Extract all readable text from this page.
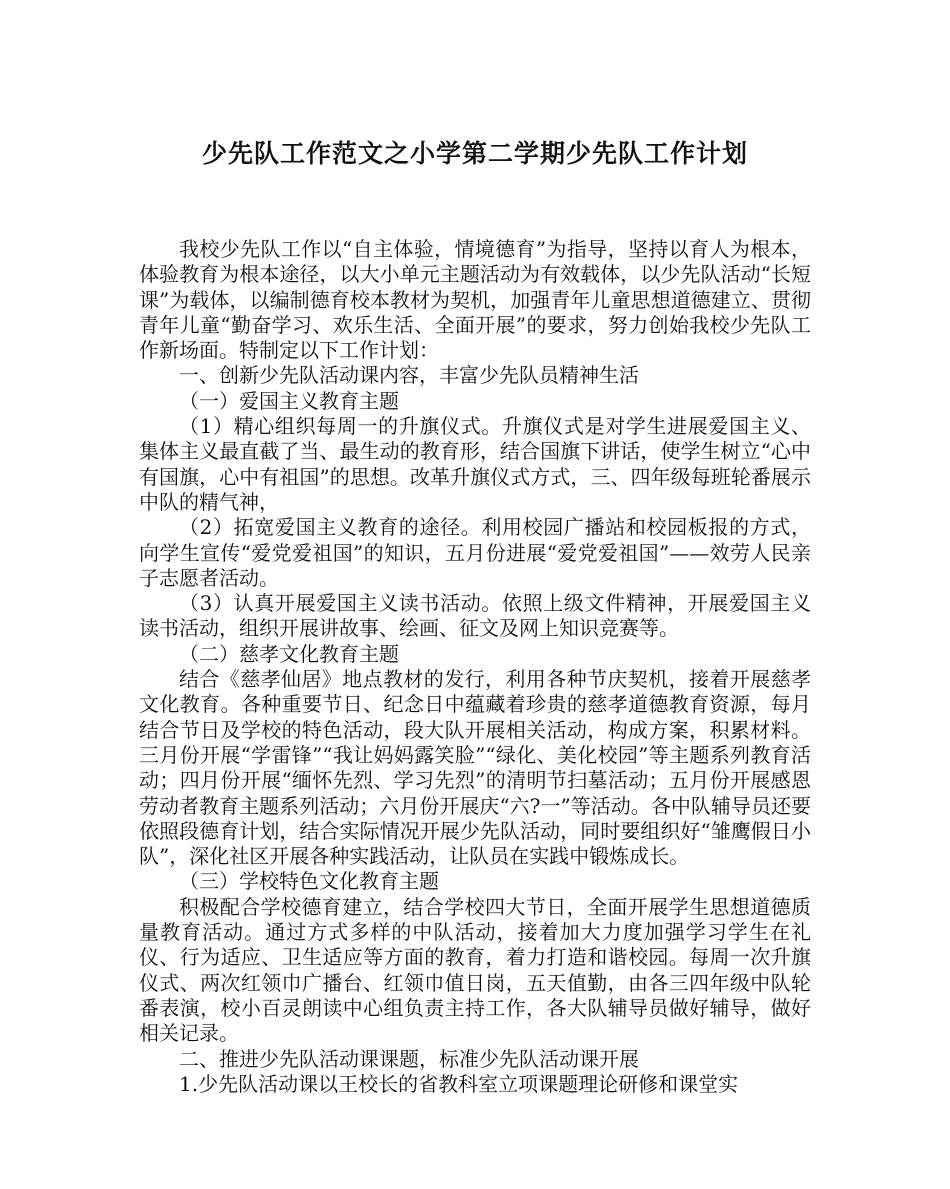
少先队工作范文之小学第二学期少先队工作计划

我校少先队工作以“自主体验，情境德育”为指导，坚持以育人为根本，体验教育为根本途径，以大小单元主题活动为有效载体，以少先队活动“长短课”为载体，以编制德育校本教材为契机，加强青年儿童思想道德建立、贯彻青年儿童“勤奋学习、欢乐生活、全面开展”的要求，努力创始我校少先队工作新场面。特制定以下工作计划：

一、创新少先队活动课内容，丰富少先队员精神生活

（一）爱国主义教育主题

（1）精心组织每周一的升旗仪式。升旗仪式是对学生进展爱国主义、集体主义最直截了当、最生动的教育形，结合国旗下讲话，使学生树立“心中有国旗，心中有祖国”的思想。改革升旗仪式方式，三、四年级每班轮番展示中队的精气神，

（2）拓宽爱国主义教育的途径。利用校园广播站和校园板报的方式，向学生宣传“爱党爱祖国”的知识，五月份进展“爱党爱祖国”——效劳人民亲子志愿者活动。

（3）认真开展爱国主义读书活动。依照上级文件精神，开展爱国主义读书活动，组织开展讲故事、绘画、征文及网上知识竞赛等。

（二）慈孝文化教育主题

结合《慈孝仙居》地点教材的发行，利用各种节庆契机，接着开展慈孝文化教育。各种重要节日、纪念日中蕴藏着珍贵的慈孝道德教育资源，每月结合节日及学校的特色活动，段大队开展相关活动，构成方案，积累材料。三月份开展“学雷锋”“我让妈妈露笑脸”“绿化、美化校园”等主题系列教育活动；四月份开展“缅怀先烈、学习先烈”的清明节扫墓活动；五月份开展感恩劳动者教育主题系列活动；六月份开展庆“六?一”等活动。各中队辅导员还要依照段德育计划，结合实际情况开展少先队活动，同时要组织好“雏鹰假日小队”，深化社区开展各种实践活动，让队员在实践中锻炼成长。

（三）学校特色文化教育主题

积极配合学校德育建立，结合学校四大节日，全面开展学生思想道德质量教育活动。通过方式多样的中队活动，接着加大力度加强学习学生在礼仪、行为适应、卫生适应等方面的教育，着力打造和谐校园。每周一次升旗仪式、两次红领巾广播台、红领巾值日岗，五天值勤，由各三四年级中队轮番表演，校小百灵朗读中心组负责主持工作，各大队辅导员做好辅导，做好相关记录。

二、推进少先队活动课课题，标准少先队活动课开展

1.少先队活动课以王校长的省教科室立项课题理论研修和课堂实
